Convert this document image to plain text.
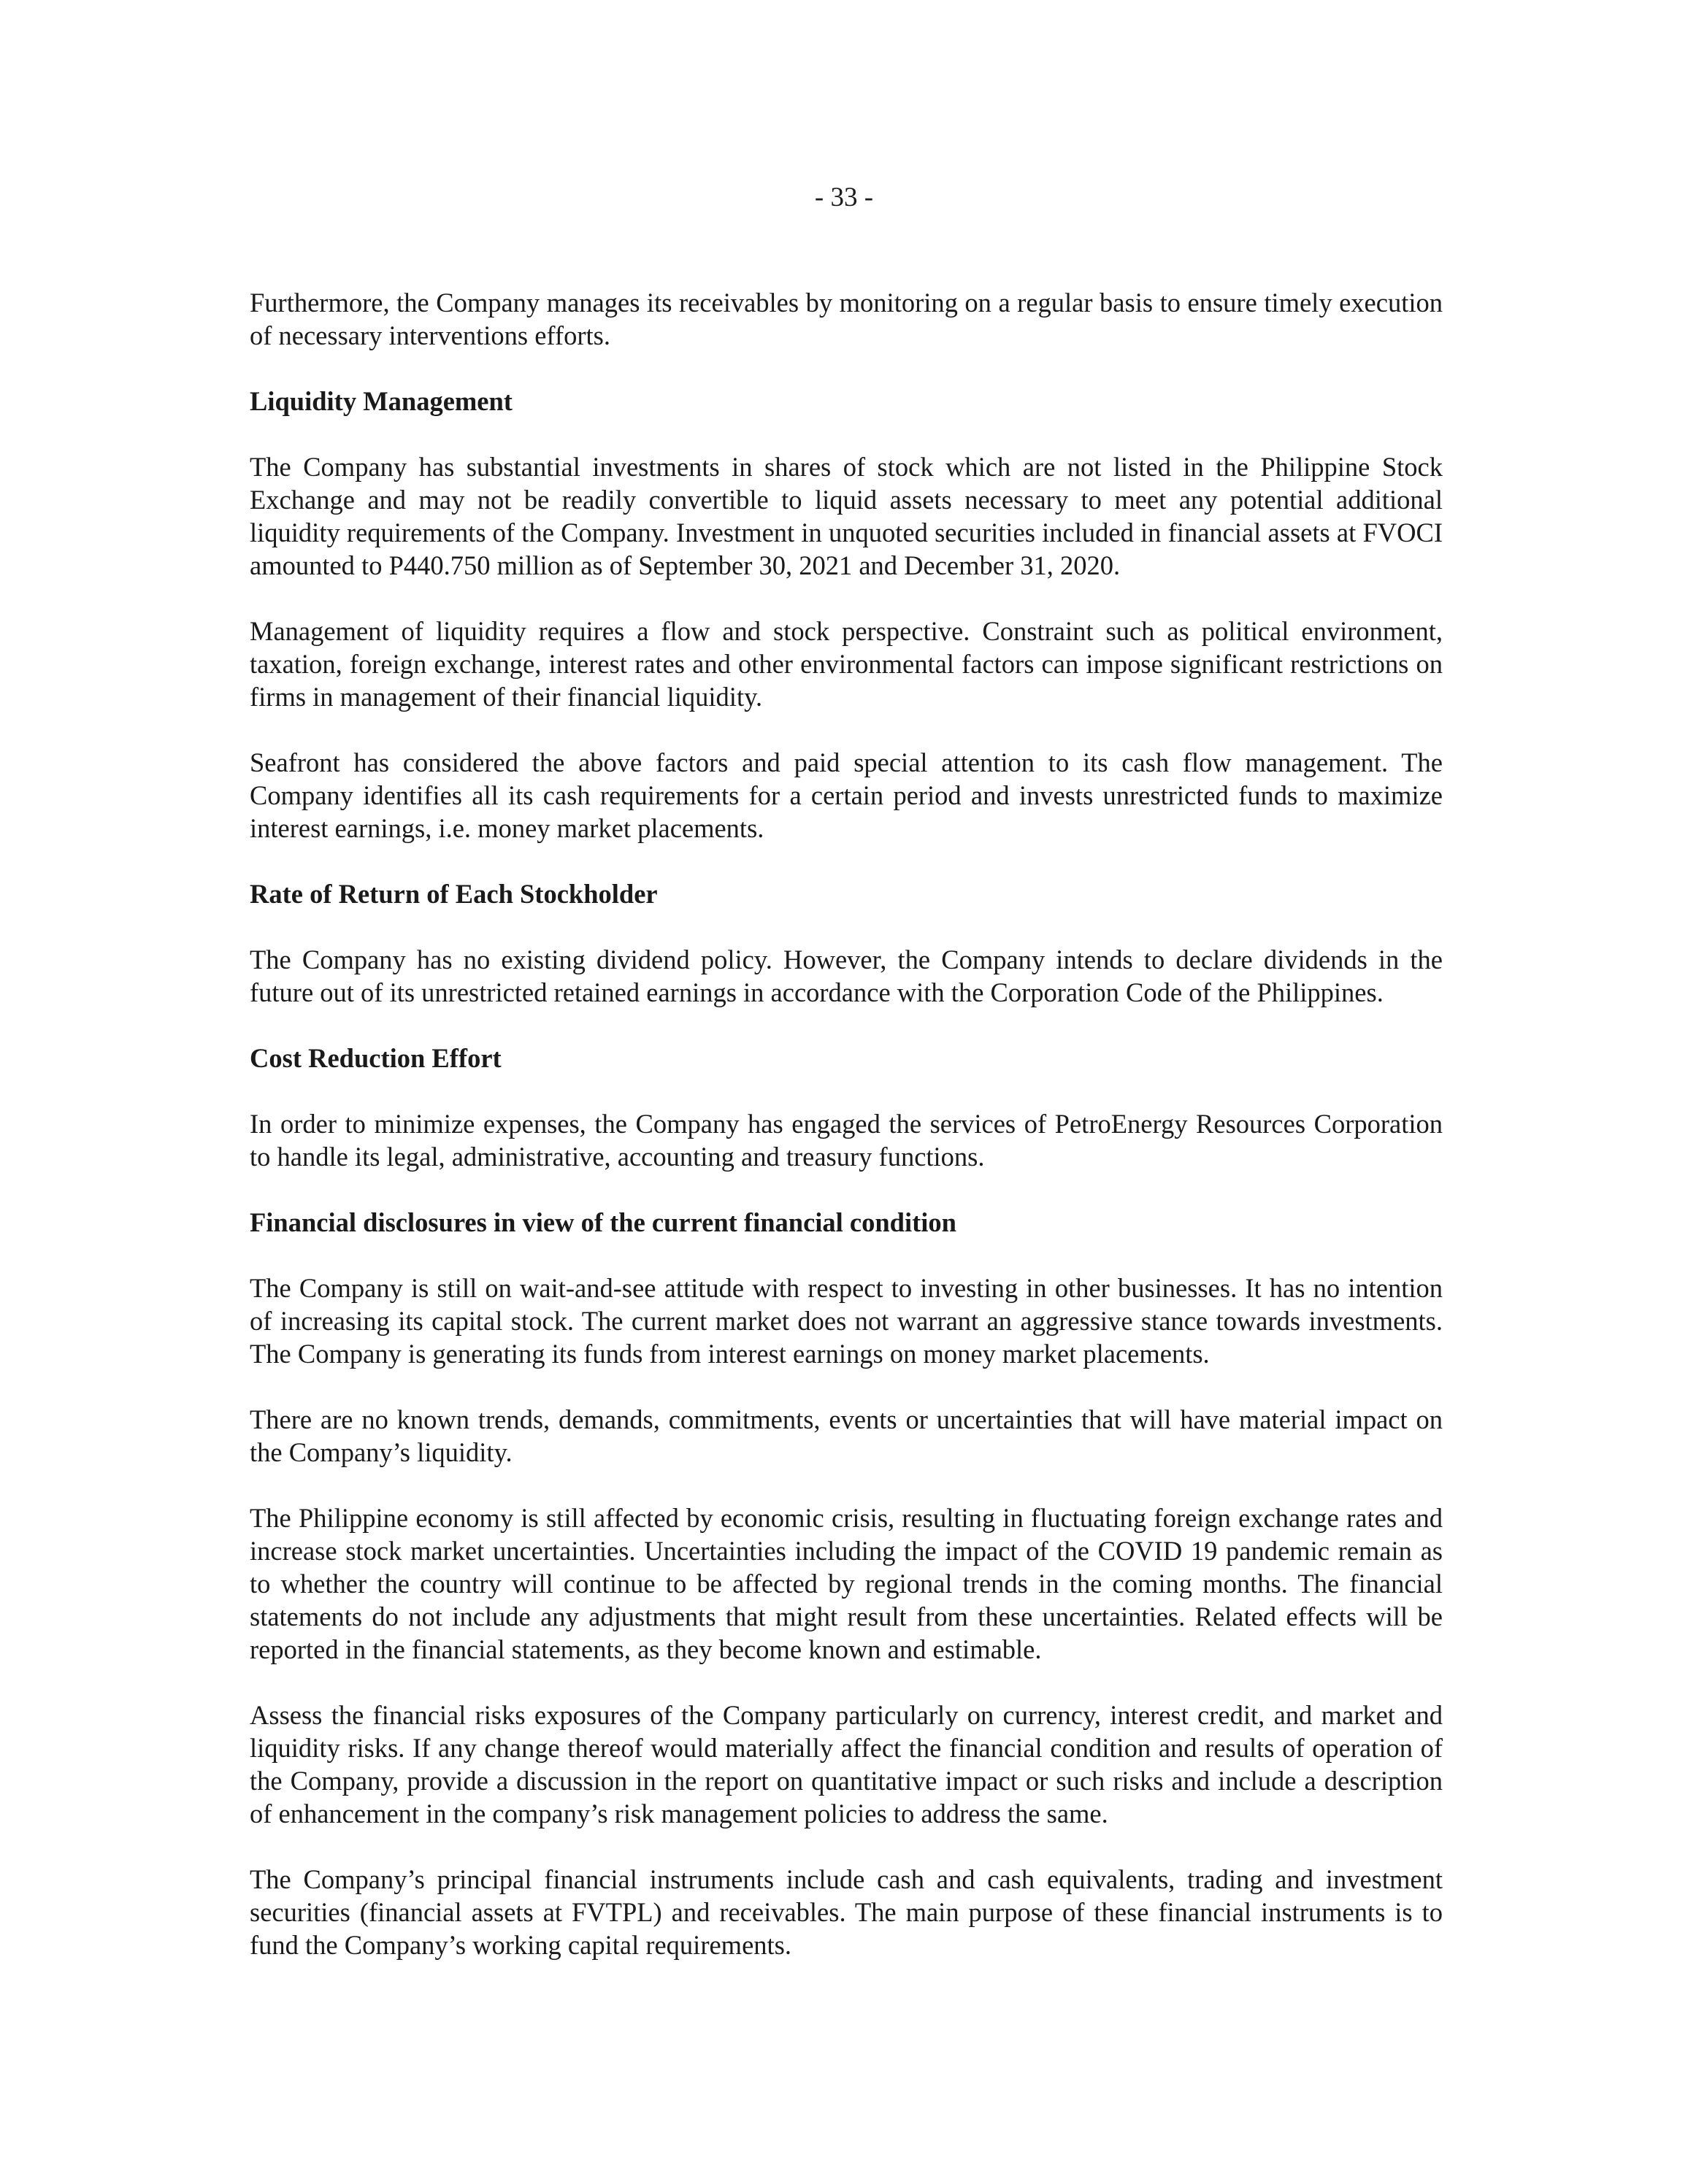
- 33 -

Furthermore, the Company manages its receivables by monitoring on a regular basis to ensure timely execution of necessary interventions efforts.

Liquidity Management

The Company has substantial investments in shares of stock which are not listed in the Philippine Stock Exchange and may not be readily convertible to liquid assets necessary to meet any potential additional liquidity requirements of the Company. Investment in unquoted securities included in financial assets at FVOCI amounted to P440.750 million as of September 30, 2021 and December 31, 2020.

Management of liquidity requires a flow and stock perspective. Constraint such as political environment, taxation, foreign exchange, interest rates and other environmental factors can impose significant restrictions on firms in management of their financial liquidity.

Seafront has considered the above factors and paid special attention to its cash flow management. The Company identifies all its cash requirements for a certain period and invests unrestricted funds to maximize interest earnings, i.e. money market placements.

Rate of Return of Each Stockholder

The Company has no existing dividend policy. However, the Company intends to declare dividends in the future out of its unrestricted retained earnings in accordance with the Corporation Code of the Philippines.

Cost Reduction Effort

In order to minimize expenses, the Company has engaged the services of PetroEnergy Resources Corporation to handle its legal, administrative, accounting and treasury functions.

Financial disclosures in view of the current financial condition

The Company is still on wait-and-see attitude with respect to investing in other businesses. It has no intention of increasing its capital stock. The current market does not warrant an aggressive stance towards investments. The Company is generating its funds from interest earnings on money market placements.

There are no known trends, demands, commitments, events or uncertainties that will have material impact on the Company’s liquidity.

The Philippine economy is still affected by economic crisis, resulting in fluctuating foreign exchange rates and increase stock market uncertainties. Uncertainties including the impact of the COVID 19 pandemic remain as to whether the country will continue to be affected by regional trends in the coming months. The financial statements do not include any adjustments that might result from these uncertainties. Related effects will be reported in the financial statements, as they become known and estimable.

Assess the financial risks exposures of the Company particularly on currency, interest credit, and market and liquidity risks. If any change thereof would materially affect the financial condition and results of operation of the Company, provide a discussion in the report on quantitative impact or such risks and include a description of enhancement in the company’s risk management policies to address the same.

The Company’s principal financial instruments include cash and cash equivalents, trading and investment securities (financial assets at FVTPL) and receivables. The main purpose of these financial instruments is to fund the Company’s working capital requirements.
